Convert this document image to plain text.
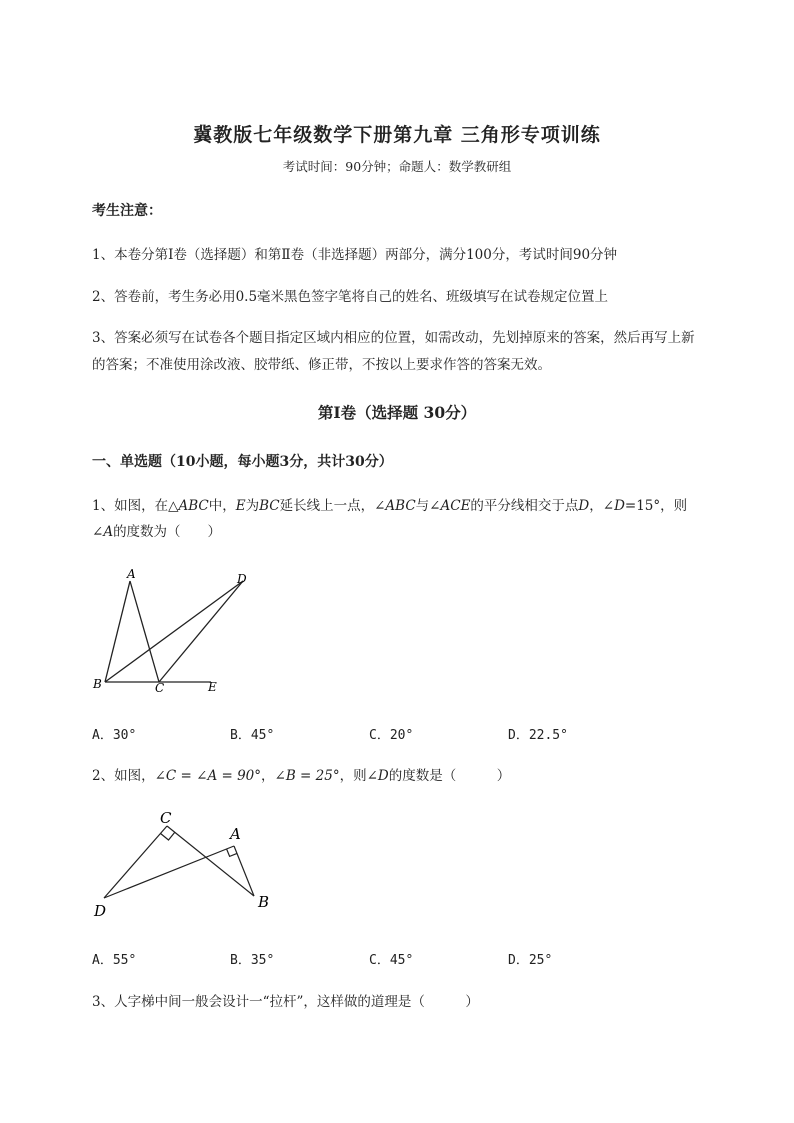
冀教版七年级数学下册第九章 三角形专项训练
考试时间：90分钟；命题人：数学教研组
考生注意：
1、本卷分第Ⅰ卷（选择题）和第Ⅱ卷（非选择题）两部分，满分100分，考试时间90分钟
2、答卷前，考生务必用0.5毫米黑色签字笔将自己的姓名、班级填写在试卷规定位置上
3、答案必须写在试卷各个题目指定区域内相应的位置，如需改动，先划掉原来的答案，然后再写上新
的答案；不准使用涂改液、胶带纸、修正带，不按以上要求作答的答案无效。
第Ⅰ卷（选择题 30分）
一、单选题（10小题，每小题3分，共计30分）
1、如图，在△ABC中，E为BC延长线上一点，∠ABC与∠ACE的平分线相交于点D，∠D=15°，则
∠A的度数为（　　）
A
B	C
D
E
A．30°	B．45°	C．20°	D．22.5°
2、如图，∠C = ∠A = 90°，∠B = 25°，则∠D的度数是（　　　）
C
A
D	B
A．55°	B．35°	C．45°	D．25°
3、人字梯中间一般会设计一“拉杆”，这样做的道理是（　　　）
